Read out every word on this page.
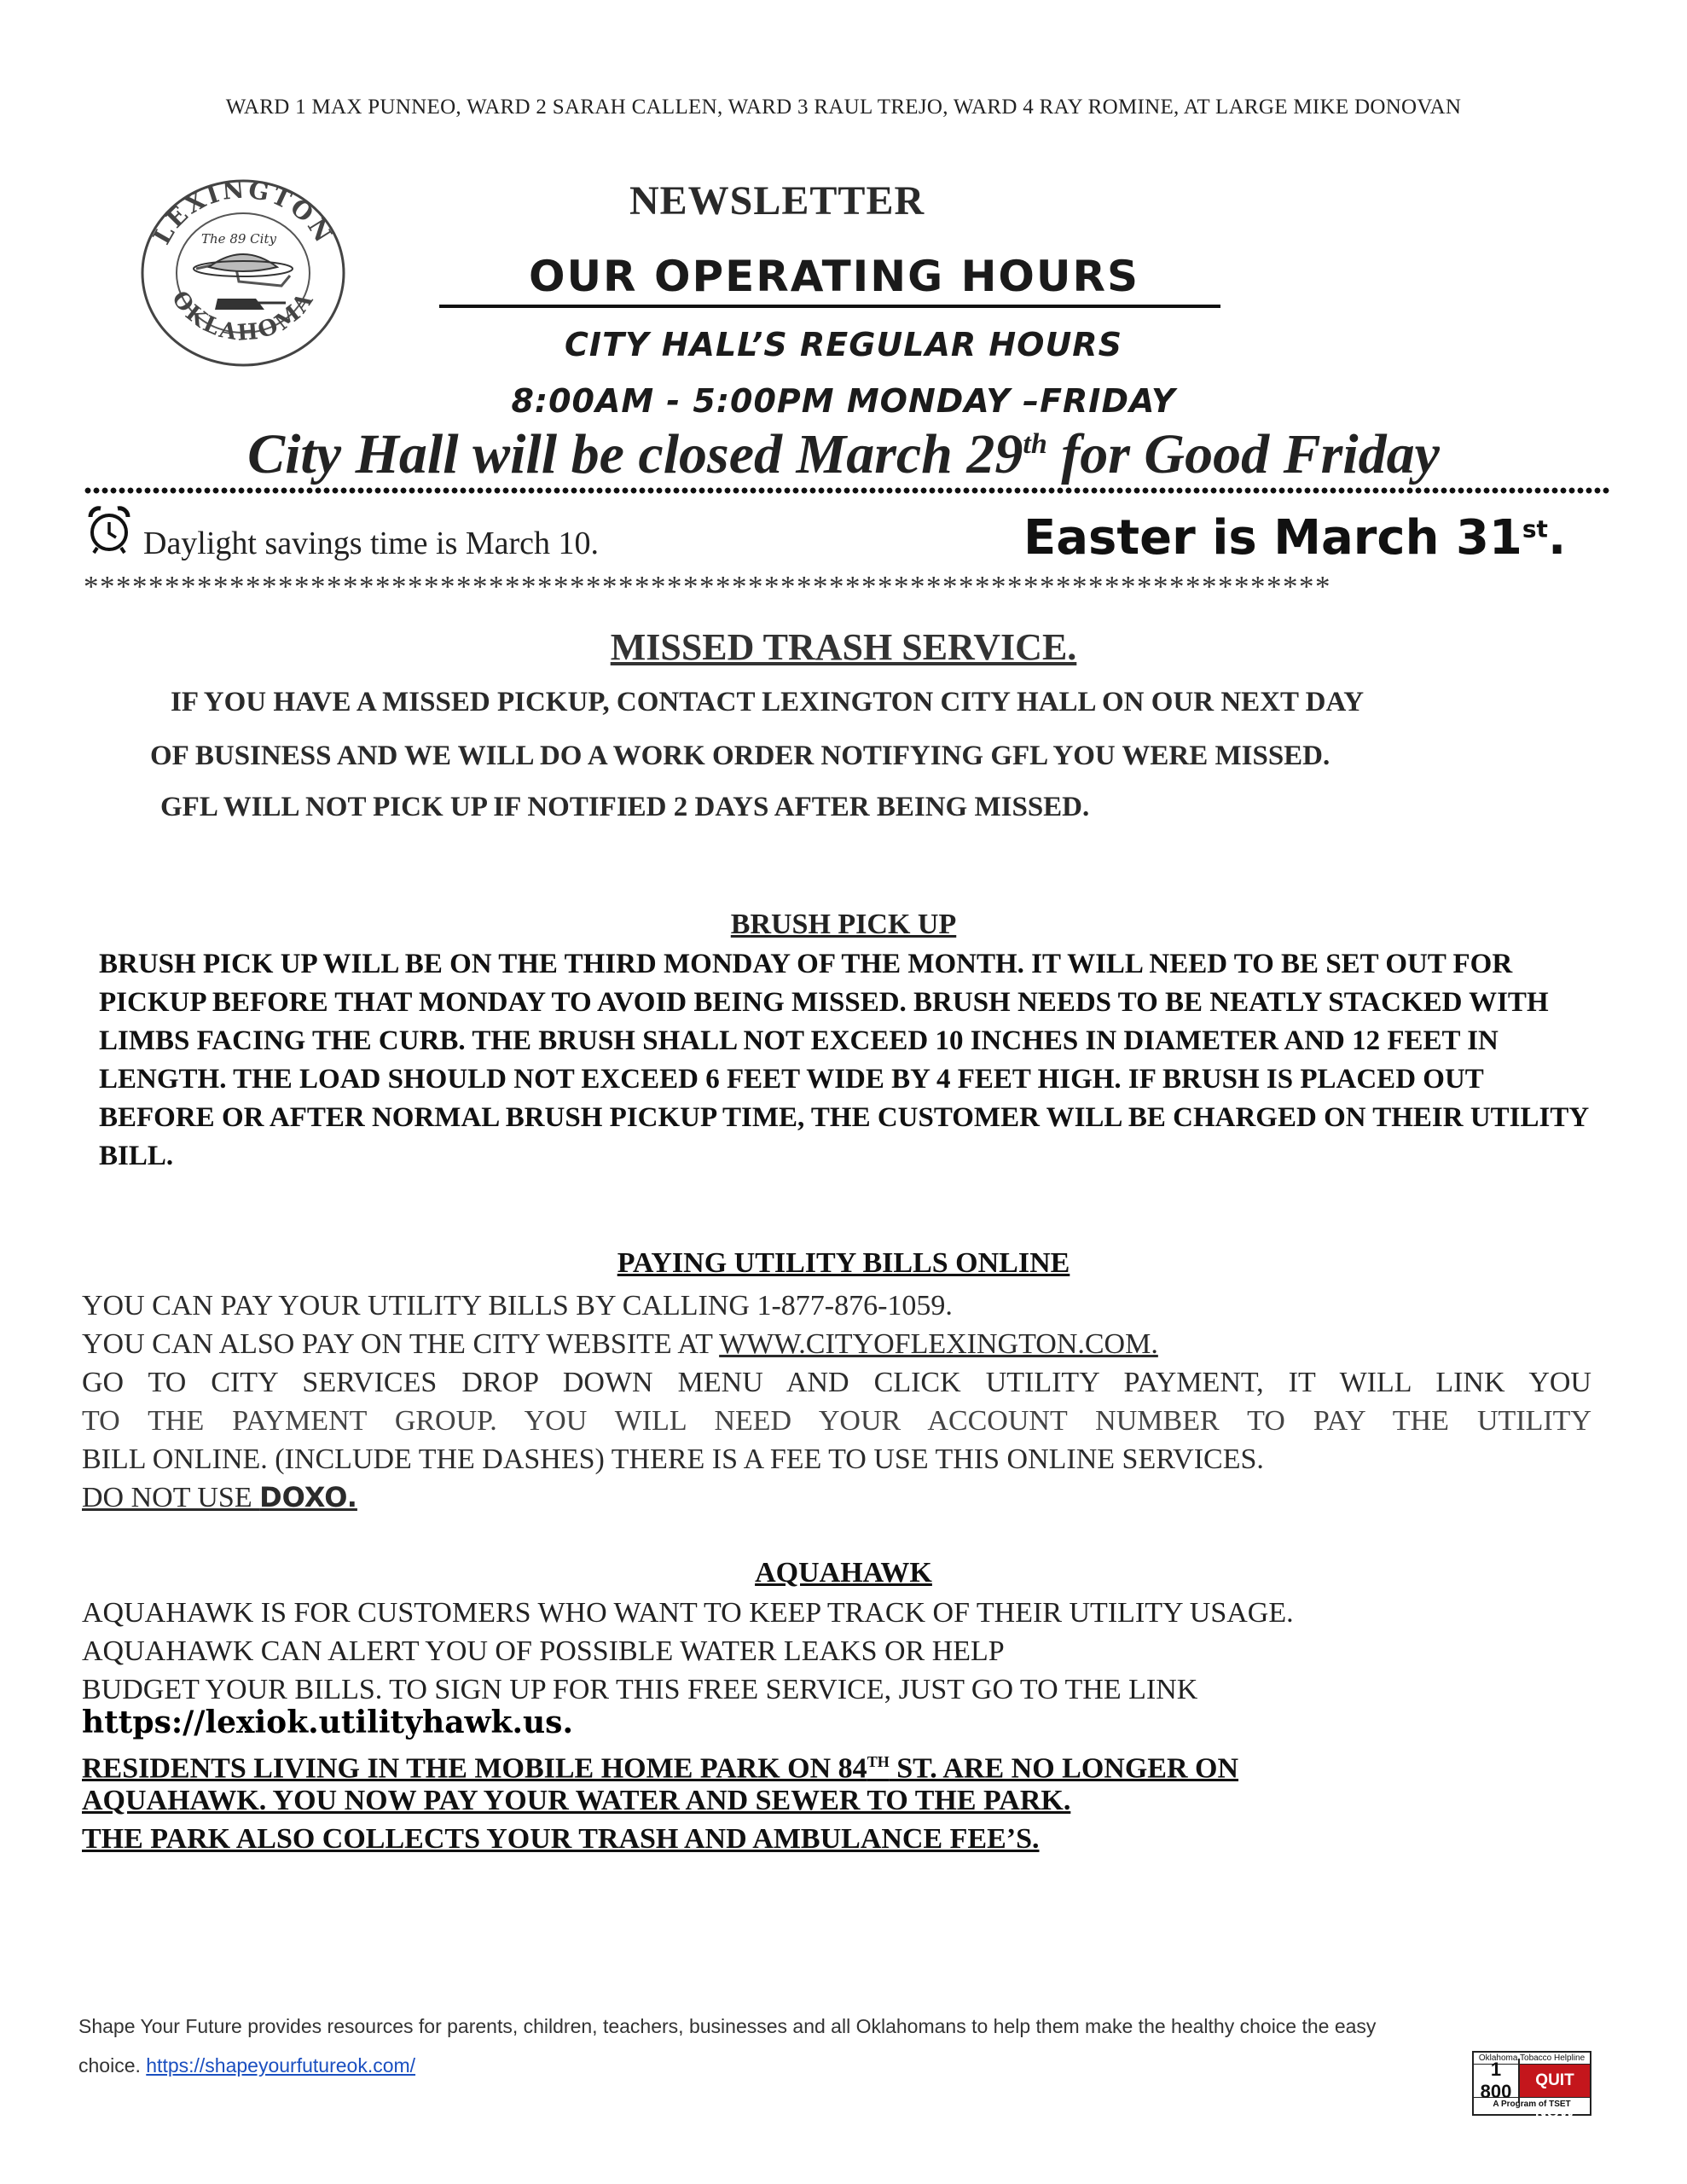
WARD 1 MAX PUNNEO, WARD 2 SARAH CALLEN, WARD 3 RAUL TREJO, WARD 4 RAY ROMINE, AT LARGE MIKE DONOVAN
LEXINGTON
OKLAHOMA
The 89 City
NEWSLETTER
OUR OPERATING HOURS
CITY HALL’S REGULAR HOURS
8:00AM - 5:00PM MONDAY –FRIDAY
City Hall will be closed March 29th for Good Friday
Daylight savings time is March 10.	Easter is March 31st.
*****************************************************************************
MISSED TRASH SERVICE.
IF YOU HAVE A MISSED PICKUP, CONTACT LEXINGTON CITY HALL ON OUR NEXT DAY
OF BUSINESS AND WE WILL DO A WORK ORDER NOTIFYING GFL YOU WERE MISSED.
GFL WILL NOT PICK UP IF NOTIFIED 2 DAYS AFTER BEING MISSED.
BRUSH PICK UP
BRUSH PICK UP WILL BE ON THE THIRD MONDAY OF THE MONTH. IT WILL NEED TO BE SET OUT FOR PICKUP BEFORE THAT MONDAY TO AVOID BEING MISSED. BRUSH NEEDS TO BE NEATLY STACKED WITH LIMBS FACING THE CURB. THE BRUSH SHALL NOT EXCEED 10 INCHES IN DIAMETER AND 12 FEET IN LENGTH. THE LOAD SHOULD NOT EXCEED 6 FEET WIDE BY 4 FEET HIGH. IF BRUSH IS PLACED OUT BEFORE OR AFTER NORMAL BRUSH PICKUP TIME, THE CUSTOMER WILL BE CHARGED ON THEIR UTILITY BILL.
PAYING UTILITY BILLS ONLINE
YOU CAN PAY YOUR UTILITY BILLS BY CALLING 1-877-876-1059.
YOU CAN ALSO PAY ON THE CITY WEBSITE AT WWW.CITYOFLEXINGTON.COM.
GO TO CITY SERVICES DROP DOWN MENU AND CLICK UTILITY PAYMENT, IT WILL LINK YOU
TO THE PAYMENT GROUP. YOU WILL NEED YOUR ACCOUNT NUMBER TO PAY THE UTILITY
BILL ONLINE. (INCLUDE THE DASHES) THERE IS A FEE TO USE THIS ONLINE SERVICES.
DO NOT USE DOXO.
AQUAHAWK
AQUAHAWK IS FOR CUSTOMERS WHO WANT TO KEEP TRACK OF THEIR UTILITY USAGE.
AQUAHAWK CAN ALERT YOU OF POSSIBLE WATER LEAKS OR HELP
BUDGET YOUR BILLS. TO SIGN UP FOR THIS FREE SERVICE, JUST GO TO THE LINK
https://lexiok.utilityhawk.us.
RESIDENTS LIVING IN THE MOBILE HOME PARK ON 84TH ST. ARE NO LONGER ON
AQUAHAWK. YOU NOW PAY YOUR WATER AND SEWER TO THE PARK.
THE PARK ALSO COLLECTS YOUR TRASH AND AMBULANCE FEE’S.
Shape Your Future provides resources for parents, children, teachers, businesses and all Oklahomans to help them make the healthy choice the easy
choice. https://shapeyourfutureok.com/	Oklahoma Tobacco Helpline
1 800
QUIT NOW
A Program of TSET
